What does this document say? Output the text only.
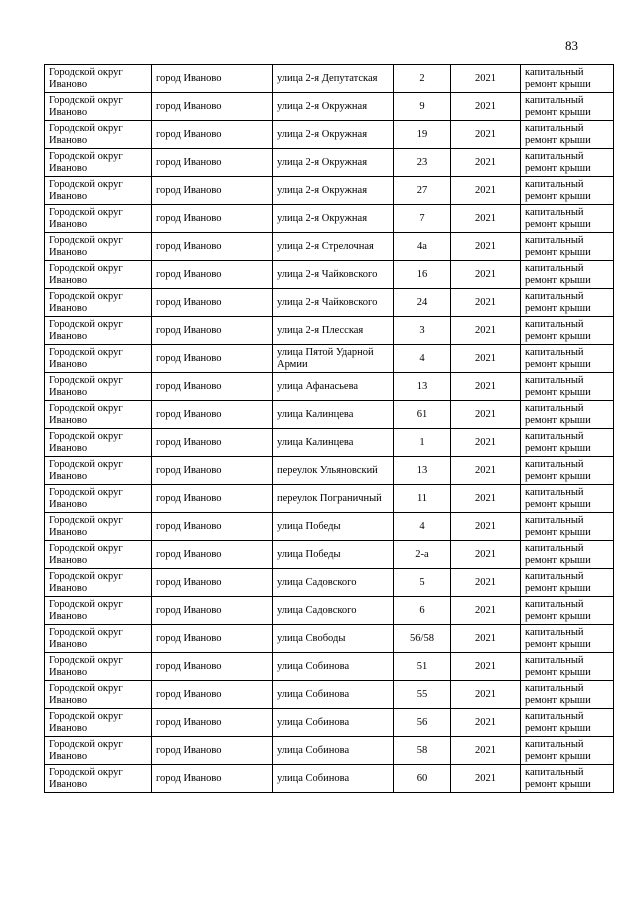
83
Городской округ Иваново	город Иваново	улица 2-я Депутатская	2	2021	капитальный ремонт крыши
Городской округ Иваново	город Иваново	улица 2-я Окружная	9	2021	капитальный ремонт крыши
Городской округ Иваново	город Иваново	улица 2-я Окружная	19	2021	капитальный ремонт крыши
Городской округ Иваново	город Иваново	улица 2-я Окружная	23	2021	капитальный ремонт крыши
Городской округ Иваново	город Иваново	улица 2-я Окружная	27	2021	капитальный ремонт крыши
Городской округ Иваново	город Иваново	улица 2-я Окружная	7	2021	капитальный ремонт крыши
Городской округ Иваново	город Иваново	улица 2-я Стрелочная	4а	2021	капитальный ремонт крыши
Городской округ Иваново	город Иваново	улица 2-я Чайковского	16	2021	капитальный ремонт крыши
Городской округ Иваново	город Иваново	улица 2-я Чайковского	24	2021	капитальный ремонт крыши
Городской округ Иваново	город Иваново	улица 2-я Плесская	3	2021	капитальный ремонт крыши
Городской округ Иваново	город Иваново	улица Пятой Ударной Армии	4	2021	капитальный ремонт крыши
Городской округ Иваново	город Иваново	улица Афанасьева	13	2021	капитальный ремонт крыши
Городской округ Иваново	город Иваново	улица Калинцева	61	2021	капитальный ремонт крыши
Городской округ Иваново	город Иваново	улица Калинцева	1	2021	капитальный ремонт крыши
Городской округ Иваново	город Иваново	переулок Ульяновский	13	2021	капитальный ремонт крыши
Городской округ Иваново	город Иваново	переулок Пограничный	11	2021	капитальный ремонт крыши
Городской округ Иваново	город Иваново	улица Победы	4	2021	капитальный ремонт крыши
Городской округ Иваново	город Иваново	улица Победы	2-а	2021	капитальный ремонт крыши
Городской округ Иваново	город Иваново	улица Садовского	5	2021	капитальный ремонт крыши
Городской округ Иваново	город Иваново	улица Садовского	6	2021	капитальный ремонт крыши
Городской округ Иваново	город Иваново	улица Свободы	56/58	2021	капитальный ремонт крыши
Городской округ Иваново	город Иваново	улица Собинова	51	2021	капитальный ремонт крыши
Городской округ Иваново	город Иваново	улица Собинова	55	2021	капитальный ремонт крыши
Городской округ Иваново	город Иваново	улица Собинова	56	2021	капитальный ремонт крыши
Городской округ Иваново	город Иваново	улица Собинова	58	2021	капитальный ремонт крыши
Городской округ Иваново	город Иваново	улица Собинова	60	2021	капитальный ремонт крыши
